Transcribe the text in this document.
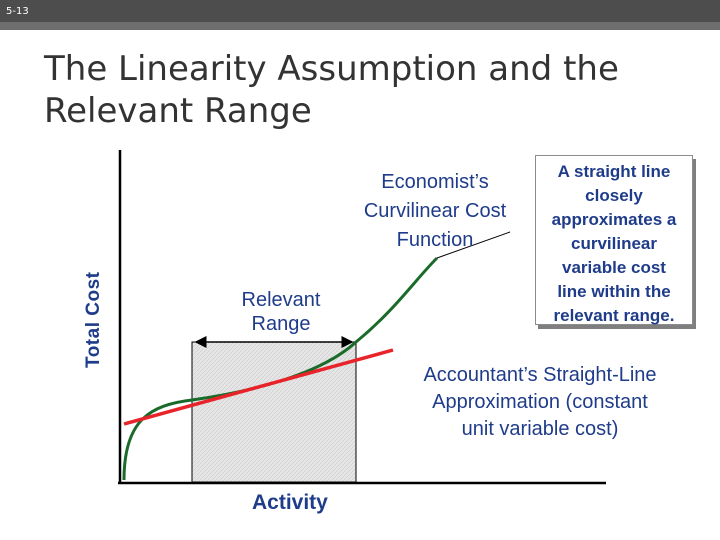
5-13
The Linearity Assumption and the
Relevant Range
Total Cost
Activity
Relevant
Range
Economist’s
Curvilinear Cost
Function
Accountant’s Straight-Line
Approximation (constant
unit variable cost)
A straight line
closely
approximates a
curvilinear
variable cost
line within the
relevant range.
